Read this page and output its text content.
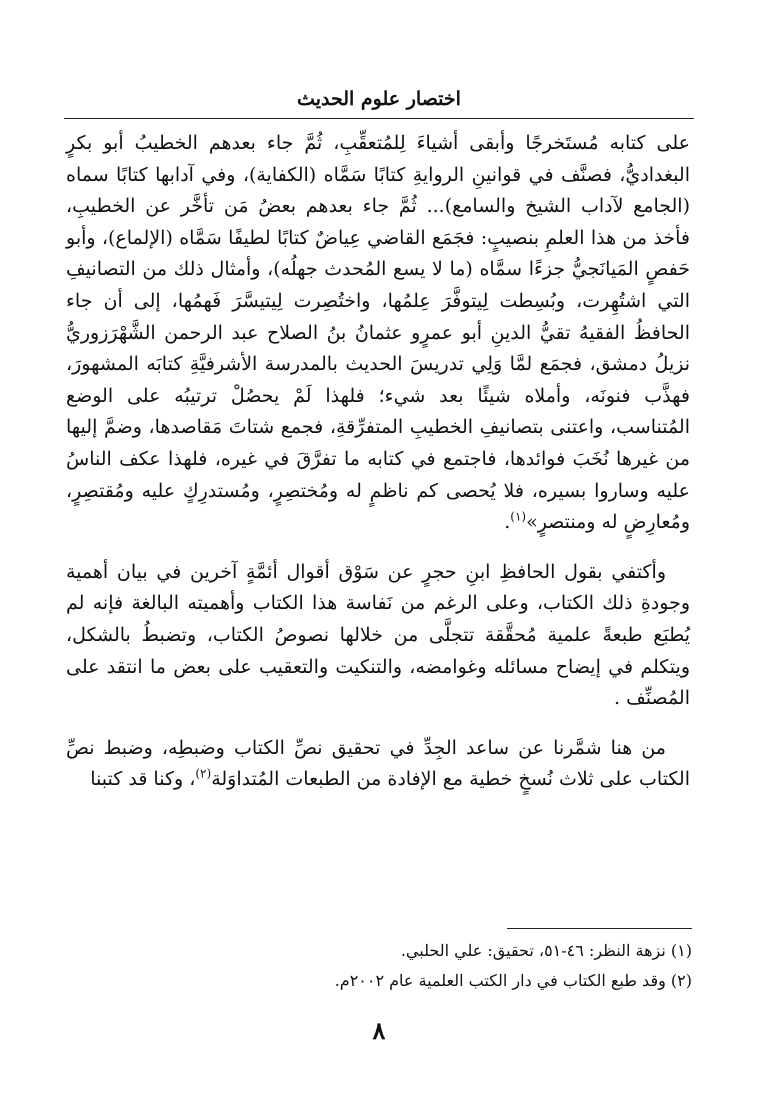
اختصار علوم الحديث

على كتابه مُستَخرجًا وأبقى أشياءَ لِلمُتعقِّبِ، ثُمَّ جاء بعدهم الخطيبُ أبو بكرٍ البغداديُّ، فصنَّف في قوانينِ الروايةِ كتابًا سَمَّاه (الكفاية)، وفي آدابها كتابًا سماه (الجامع لآداب الشيخ والسامع)... ثُمَّ جاء بعدهم بعضُ مَن تأخَّر عن الخطيبِ، فأخذ من هذا العلمِ بنصيبٍ: فجَمَع القاضي عِياضٌ كتابًا لطيفًا سَمَّاه (الإلماع)، وأبو حَفصٍ المَيانَجيُّ جزءًا سمَّاه (ما لا يسع المُحدث جهلُه)، وأمثال ذلك من التصانيفِ التي اشتُهِرت، وبُسِطت لِيتوفَّرَ عِلمُها، واختُصِرت لِيتيسَّرَ فَهمُها، إلى أن جاء الحافظُ الفقيهُ تقيُّ الدينِ أبو عمرٍو عثمانُ بنُ الصلاح عبد الرحمن الشَّهْرَزوريُّ نزيلُ دمشق، فجمَع لمَّا وَلِي تدريسَ الحديث بالمدرسة الأشرفيَّةِ كتابَه المشهورَ، فهذَّب فنونَه، وأملاه شيئًا بعد شيء؛ فلهذا لَمْ يحصُلْ ترتيبُه على الوضع المُتناسب، واعتنى بتصانيفِ الخطيبِ المتفرِّقةِ، فجمع شتاتَ مَقاصدها، وضمَّ إليها من غيرها نُخَبَ فوائدها، فاجتمع في كتابه ما تفرَّقَ في غيره، فلهذا عكف الناسُ عليه وساروا بسيره، فلا يُحصى كم ناظمٍ له ومُختصِرٍ، ومُستدرِكٍ عليه ومُقتصِرٍ، ومُعارِضٍ له ومنتصرٍ»$^{(١)}$.

وأكتفي بقول الحافظِ ابنِ حجرٍ عن سَوْق أقوال أئمَّةٍ آخرين في بيان أهمية وجودةِ ذلك الكتاب، وعلى الرغم من نَفاسة هذا الكتاب وأهميته البالغة فإنه لم يُطبَع طبعةً علمية مُحقَّقة تتجلَّى من خلالها نصوصُ الكتاب، وتضبطُ بالشكل، ويتكلم في إيضاح مسائله وغوامضه، والتنكيت والتعقيب على بعض ما انتقد على المُصنِّف .

من هنا شمَّرنا عن ساعد الجِدِّ في تحقيق نصِّ الكتاب وضبطِه، وضبط نصِّ الكتاب على ثلاث نُسخٍ خطية مع الإفادة من الطبعات المُتداوَلة$^{(٢)}$، وكنا قد كتبنا

(١) نزهة النظر: ٤٦-٥١، تحقيق: علي الحلبي.
(٢) وقد طبع الكتاب في دار الكتب العلمية عام ٢٠٠٢م.
٨
